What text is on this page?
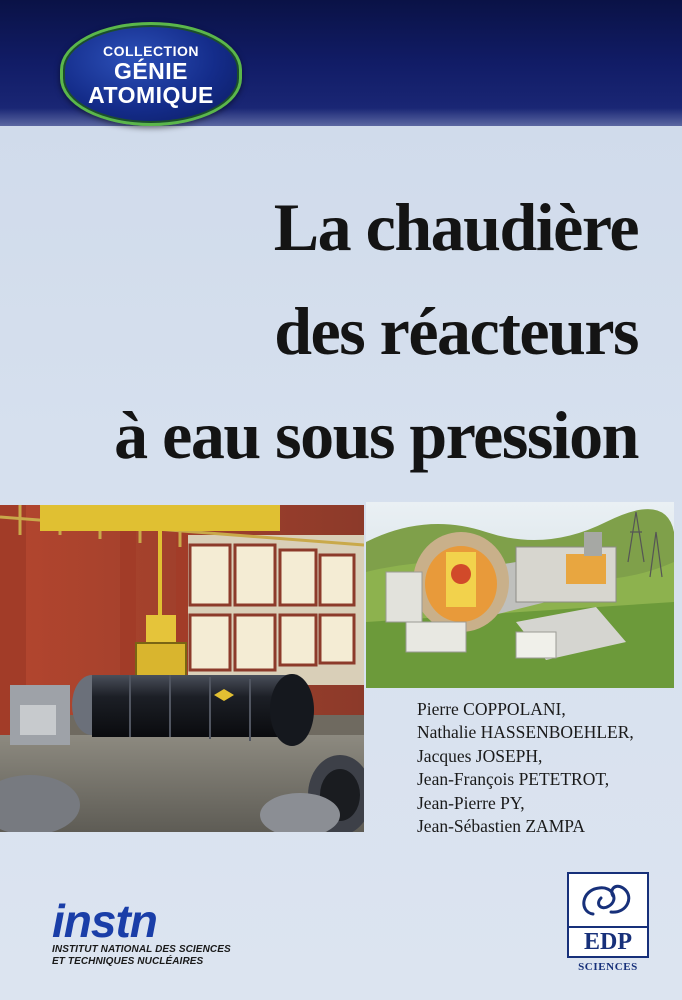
COLLECTION
GÉNIE
ATOMIQUE
La chaudière
des réacteurs
à eau sous pression
Pierre COPPOLANI,
Nathalie HASSENBOEHLER,
Jacques JOSEPH,
Jean-François PETETROT,
Jean-Pierre PY,
Jean-Sébastien ZAMPA
instn
INSTITUT NATIONAL DES SCIENCES
ET TECHNIQUES NUCLÉAIRES
EDP
SCIENCES
